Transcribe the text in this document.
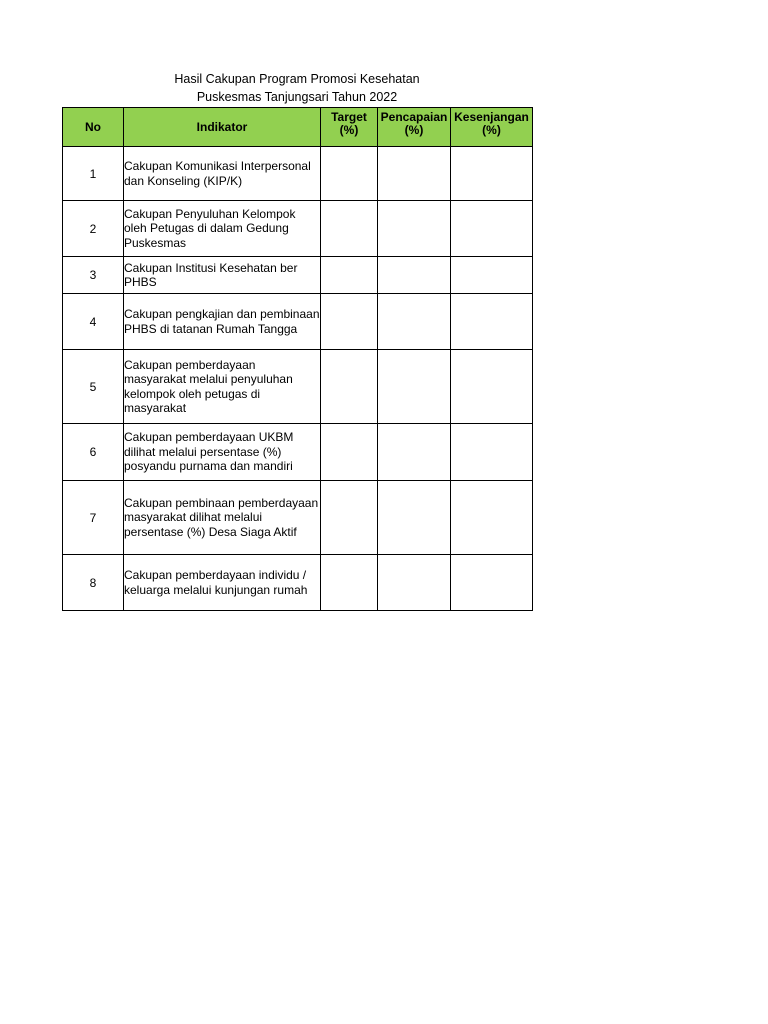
Hasil Cakupan Program Promosi Kesehatan
Puskesmas Tanjungsari Tahun 2022
No	Indikator	Target (%)	Pencapaian(%)	Kesenjangan(%)
1	Cakupan Komunikasi Interpersonal dan Konseling (KIP/K)			
2	Cakupan Penyuluhan Kelompok oleh Petugas di dalam Gedung Puskesmas			
3	Cakupan Institusi Kesehatan ber PHBS			
4	Cakupan pengkajian dan pembinaan PHBS di tatanan Rumah Tangga			
5	Cakupan pemberdayaan masyarakat melalui penyuluhan kelompok oleh petugas di masyarakat			
6	Cakupan pemberdayaan UKBM dilihat melalui persentase (%) posyandu purnama dan mandiri			
7	Cakupan pembinaan pemberdayaan masyarakat dilihat melalui persentase (%) Desa Siaga Aktif			
8	Cakupan pemberdayaan individu / keluarga melalui kunjungan rumah			
